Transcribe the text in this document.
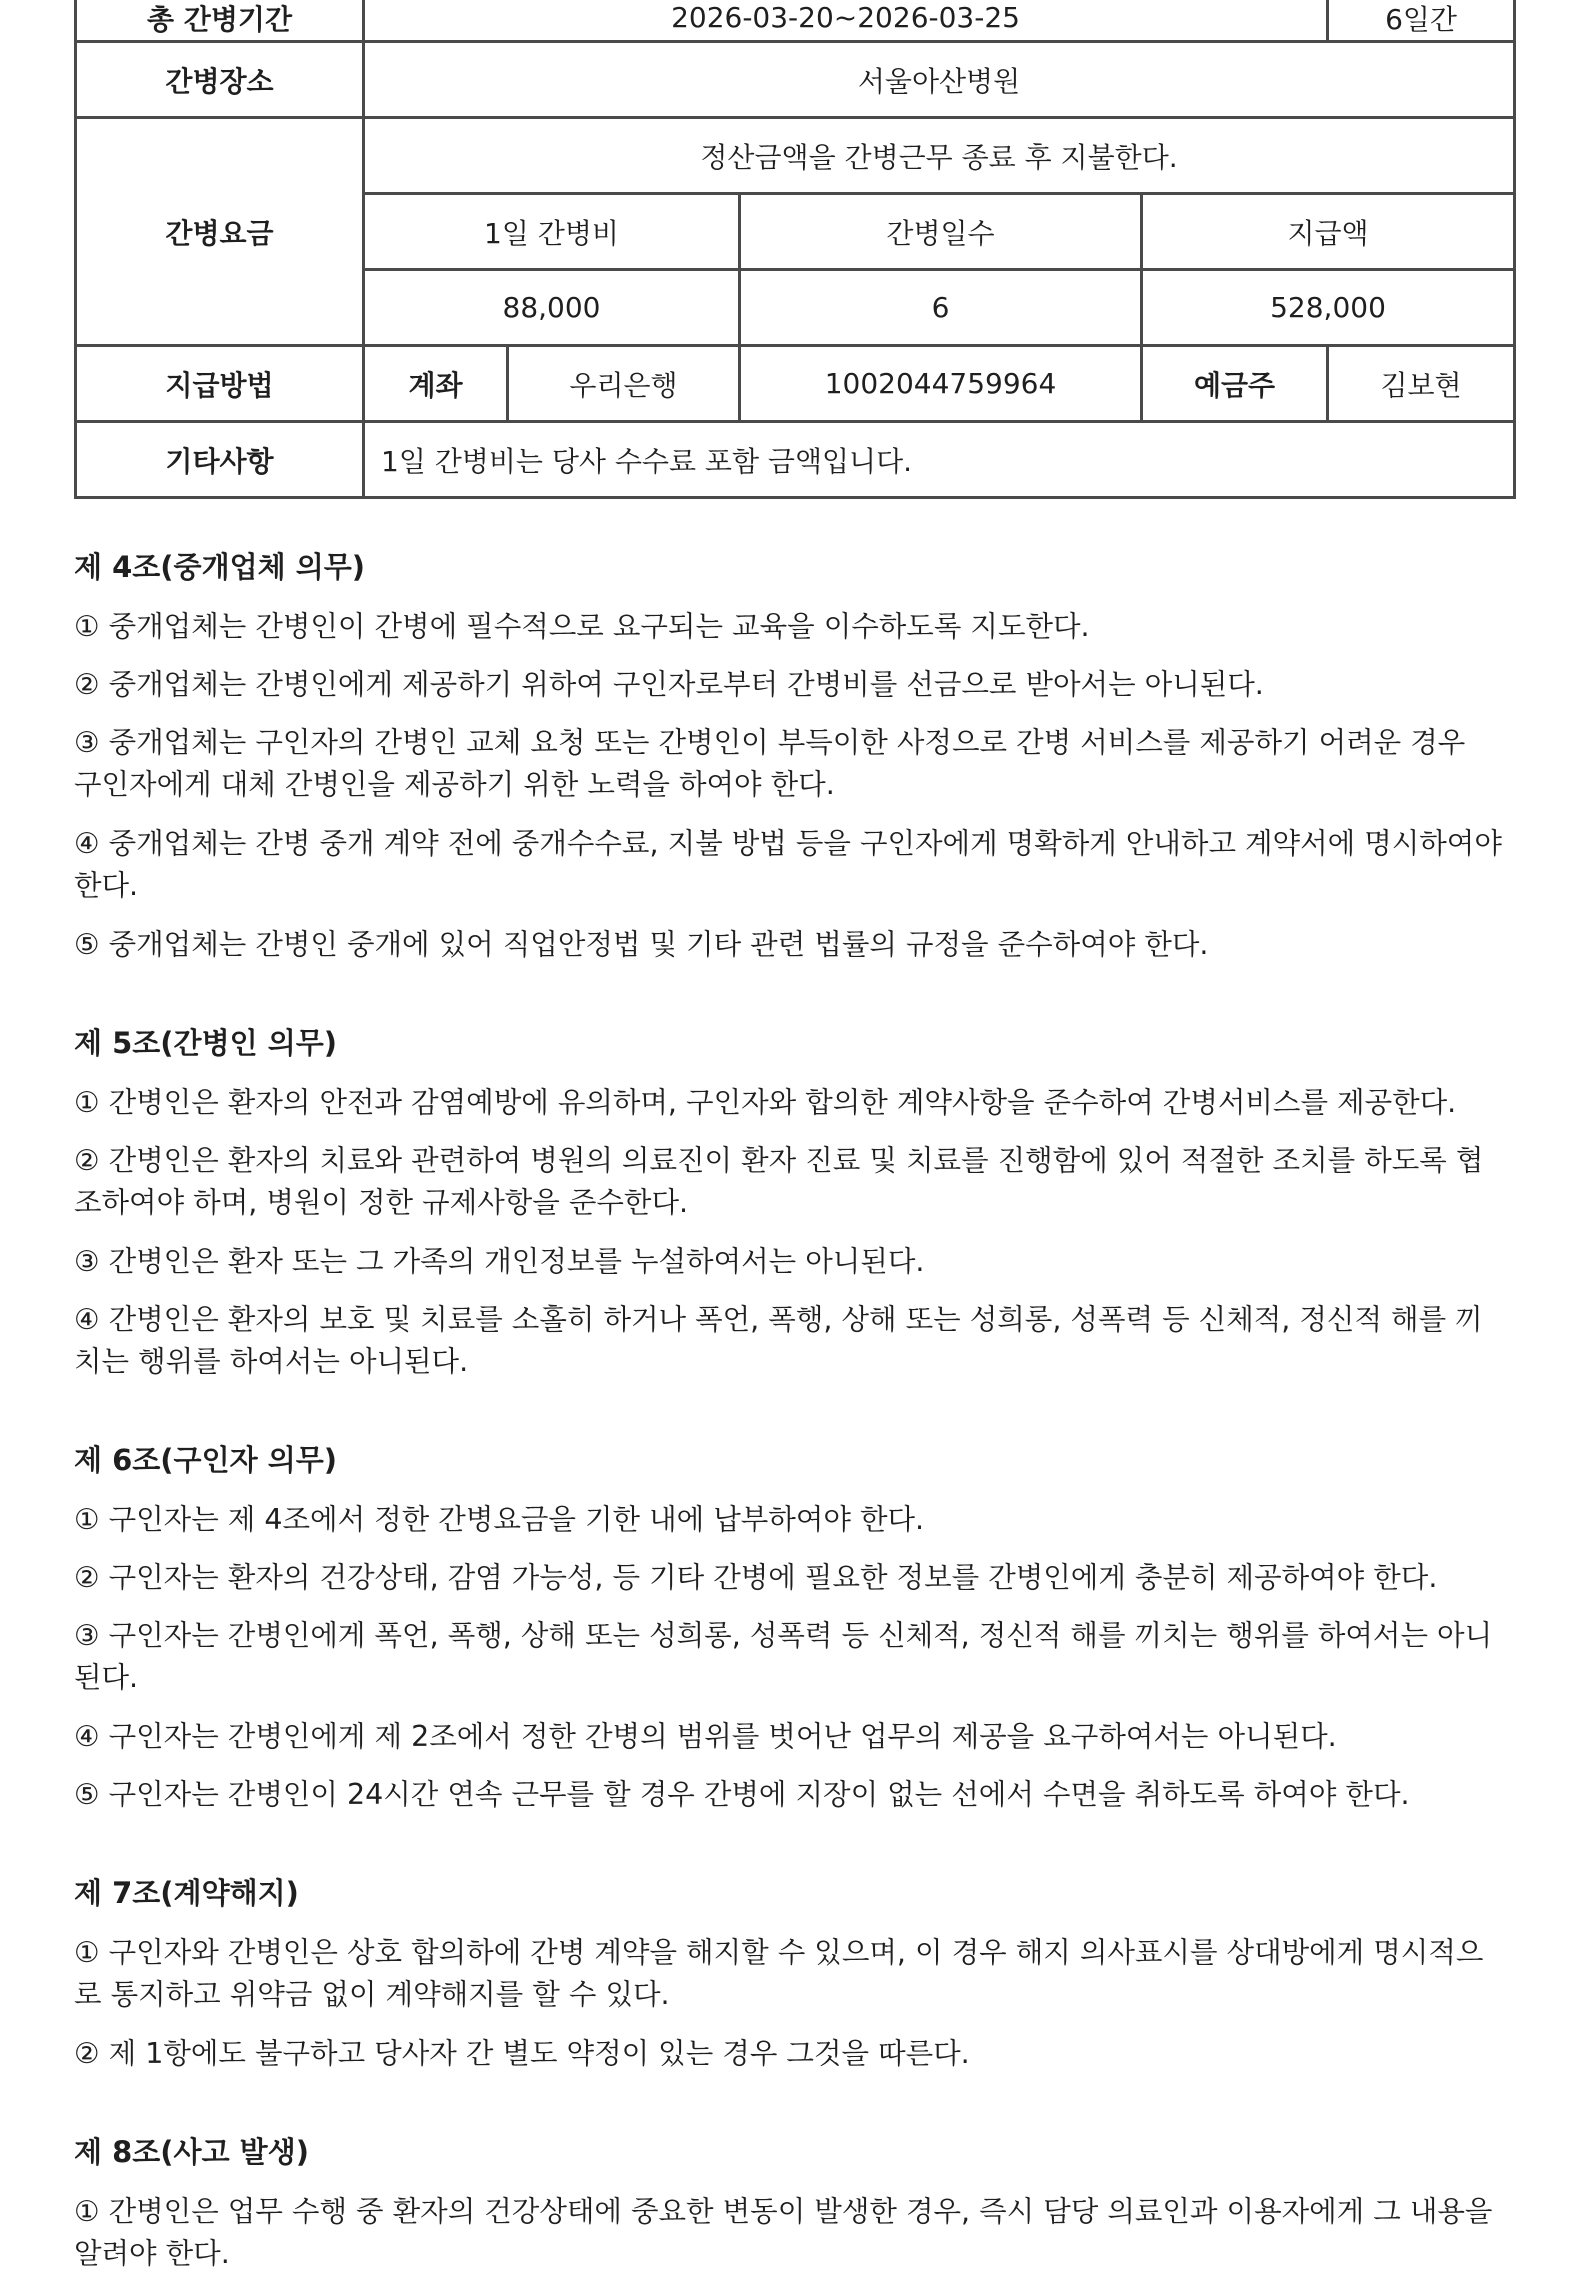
총 간병기간	2026-03-20~2026-03-25				6일간
간병장소	서울아산병원				
간병요금	정산금액을 간병근무 종료 후 지불한다.				
	1일 간병비		간병일수	지급액	
	88,000		6	528,000	
지급방법	계좌	우리은행	1002044759964	예금주	김보현
기타사항	1일 간병비는 당사 수수료 포함 금액입니다.				
제 4조(중개업체 의무)
① 중개업체는 간병인이 간병에 필수적으로 요구되는 교육을 이수하도록 지도한다.
② 중개업체는 간병인에게 제공하기 위하여 구인자로부터 간병비를 선금으로 받아서는 아니된다.
③ 중개업체는 구인자의 간병인 교체 요청 또는 간병인이 부득이한 사정으로 간병 서비스를 제공하기 어려운 경우
구인자에게 대체 간병인을 제공하기 위한 노력을 하여야 한다.
④ 중개업체는 간병 중개 계약 전에 중개수수료, 지불 방법 등을 구인자에게 명확하게 안내하고 계약서에 명시하여야
한다.
⑤ 중개업체는 간병인 중개에 있어 직업안정법 및 기타 관련 법률의 규정을 준수하여야 한다.
제 5조(간병인 의무)
① 간병인은 환자의 안전과 감염예방에 유의하며, 구인자와 합의한 계약사항을 준수하여 간병서비스를 제공한다.
② 간병인은 환자의 치료와 관련하여 병원의 의료진이 환자 진료 및 치료를 진행함에 있어 적절한 조치를 하도록 협
조하여야 하며, 병원이 정한 규제사항을 준수한다.
③ 간병인은 환자 또는 그 가족의 개인정보를 누설하여서는 아니된다.
④ 간병인은 환자의 보호 및 치료를 소홀히 하거나 폭언, 폭행, 상해 또는 성희롱, 성폭력 등 신체적, 정신적 해를 끼
치는 행위를 하여서는 아니된다.
제 6조(구인자 의무)
① 구인자는 제 4조에서 정한 간병요금을 기한 내에 납부하여야 한다.
② 구인자는 환자의 건강상태, 감염 가능성, 등 기타 간병에 필요한 정보를 간병인에게 충분히 제공하여야 한다.
③ 구인자는 간병인에게 폭언, 폭행, 상해 또는 성희롱, 성폭력 등 신체적, 정신적 해를 끼치는 행위를 하여서는 아니
된다.
④ 구인자는 간병인에게 제 2조에서 정한 간병의 범위를 벗어난 업무의 제공을 요구하여서는 아니된다.
⑤ 구인자는 간병인이 24시간 연속 근무를 할 경우 간병에 지장이 없는 선에서 수면을 취하도록 하여야 한다.
제 7조(계약해지)
① 구인자와 간병인은 상호 합의하에 간병 계약을 해지할 수 있으며, 이 경우 해지 의사표시를 상대방에게 명시적으
로 통지하고 위약금 없이 계약해지를 할 수 있다.
② 제 1항에도 불구하고 당사자 간 별도 약정이 있는 경우 그것을 따른다.
제 8조(사고 발생)
① 간병인은 업무 수행 중 환자의 건강상태에 중요한 변동이 발생한 경우, 즉시 담당 의료인과 이용자에게 그 내용을
알려야 한다.
